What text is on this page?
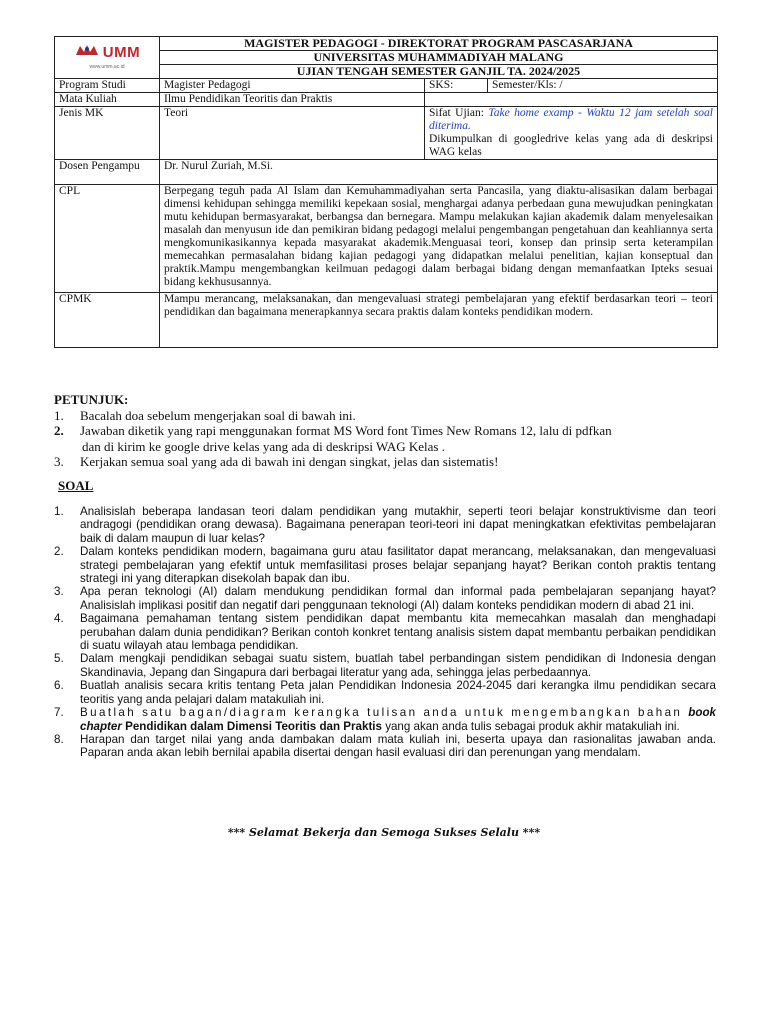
UMM
www.umm.ac.id	MAGISTER PEDAGOGI - DIREKTORAT PROGRAM PASCASARJANA		
	UNIVERSITAS MUHAMMADIYAH MALANG		
	UJIAN TENGAH SEMESTER GANJIL TA. 2024/2025		
Program Studi	Magister Pedagogi	SKS:	Semester/Kls: /
Mata Kuliah	Ilmu Pendidikan Teoritis dan Praktis		
Jenis MK	Teori	Sifat Ujian: Take home examp - Waktu 12 jam setelah soal diterima.
Dikumpulkan di googledrive kelas yang ada di deskripsi WAG kelas	
Dosen Pengampu	Dr. Nurul Zuriah, M.Si.		
CPL	Berpegang teguh pada Al Islam dan Kemuhammadiyahan serta Pancasila, yang diaktu-alisasikan dalam berbagai dimensi kehidupan sehingga memiliki kepekaan sosial, menghargai adanya perbedaan guna mewujudkan peningkatan mutu kehidupan bermasyarakat, berbangsa dan bernegara. Mampu melakukan kajian akademik dalam menyelesaikan masalah dan menyusun ide dan pemikiran bidang pedagogi melalui pengembangan pengetahuan dan keahliannya serta mengkomunikasikannya kepada masyarakat akademik.Menguasai teori, konsep dan prinsip serta keterampilan memecahkan permasalahan bidang kajian pedagogi yang didapatkan melalui penelitian, kajian konseptual dan praktik.Mampu mengembangkan keilmuan pedagogi dalam berbagai bidang dengan memanfaatkan Ipteks sesuai bidang kekhususannya.		
CPMK	Mampu merancang, melaksanakan, dan mengevaluasi strategi pembelajaran yang efektif berdasarkan teori – teori pendidikan dan bagaimana menerapkannya secara praktis dalam konteks pendidikan modern.		
PETUNJUK:
1.	Bacalah doa sebelum mengerjakan soal di bawah ini.
2.	Jawaban diketik yang rapi menggunakan format MS Word font Times New Romans 12, lalu di pdfkan
dan di kirim ke google drive kelas yang ada di deskripsi WAG Kelas .
3.	Kerjakan semua soal yang ada di bawah ini dengan singkat, jelas dan sistematis!
SOAL
1.	Analisislah beberapa landasan teori dalam pendidikan yang mutakhir, seperti teori belajar konstruktivisme dan teori andragogi (pendidikan orang dewasa). Bagaimana penerapan teori-teori ini dapat meningkatkan efektivitas pembelajaran baik di dalam maupun di luar kelas?
2.	Dalam konteks pendidikan modern, bagaimana guru atau fasilitator dapat merancang, melaksanakan, dan mengevaluasi strategi pembelajaran yang efektif untuk memfasilitasi proses belajar sepanjang hayat? Berikan contoh praktis tentang strategi ini yang diterapkan disekolah bapak dan ibu.
3.	Apa peran teknologi (AI) dalam mendukung pendidikan formal dan informal pada pembelajaran sepanjang hayat? Analisislah implikasi positif dan negatif dari penggunaan teknologi (AI) dalam konteks pendidikan modern di abad 21 ini.
4.	Bagaimana pemahaman tentang sistem pendidikan dapat membantu kita memecahkan masalah dan menghadapi perubahan dalam dunia pendidikan? Berikan contoh konkret tentang analisis sistem dapat membantu perbaikan pendidikan di suatu wilayah atau lembaga pendidikan.
5.	Dalam mengkaji pendidikan sebagai suatu sistem, buatlah tabel perbandingan sistem pendidikan di Indonesia dengan Skandinavia, Jepang dan Singapura dari berbagai literatur yang ada, sehingga jelas perbedaannya.
6.	Buatlah analisis secara kritis tentang Peta jalan Pendidikan Indonesia 2024-2045 dari kerangka ilmu pendidikan secara teoritis yang anda pelajari dalam matakuliah ini.
7.	Buatlah satu bagan/diagram kerangka tulisan anda untuk mengembangkan bahan book chapter Pendidikan dalam Dimensi Teoritis dan Praktis yang akan anda tulis sebagai produk akhir matakuliah ini.
8.	Harapan dan target nilai yang anda dambakan dalam mata kuliah ini, beserta upaya dan rasionalitas jawaban anda. Paparan anda akan lebih bernilai apabila disertai dengan hasil evaluasi diri dan perenungan yang mendalam.
*** Selamat Bekerja dan Semoga Sukses Selalu ***
